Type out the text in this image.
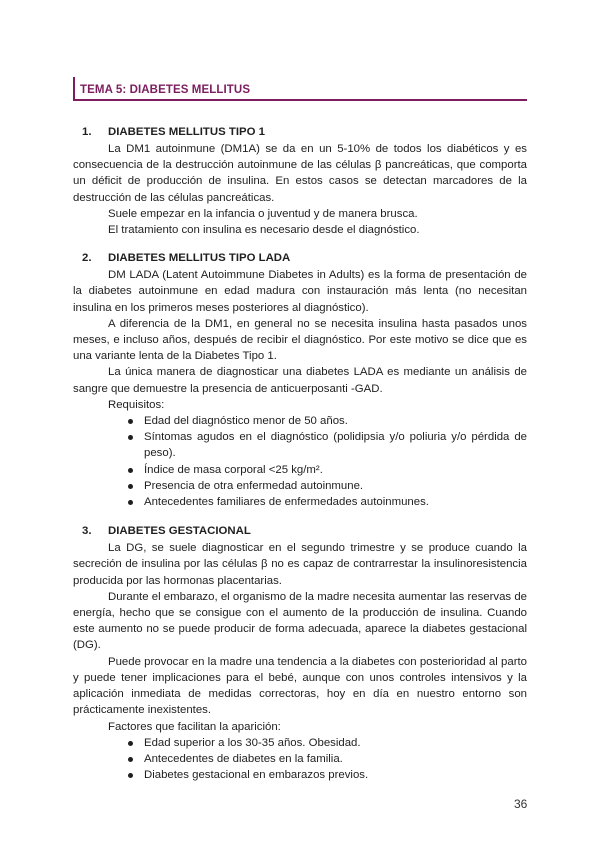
TEMA 5: DIABETES MELLITUS
1. DIABETES MELLITUS TIPO 1

La DM1 autoinmune (DM1A) se da en un 5-10% de todos los diabéticos y es consecuencia de la destrucción autoinmune de las células β pancreáticas, que comporta un déficit de producción de insulina. En estos casos se detectan marcadores de la destrucción de las células pancreáticas.

Suele empezar en la infancia o juventud y de manera brusca.

El tratamiento con insulina es necesario desde el diagnóstico.

2. DIABETES MELLITUS TIPO LADA

DM LADA (Latent Autoimmune Diabetes in Adults) es la forma de presentación de la diabetes autoinmune en edad madura con instauración más lenta (no necesitan insulina en los primeros meses posteriores al diagnóstico).

A diferencia de la DM1, en general no se necesita insulina hasta pasados unos meses, e incluso años, después de recibir el diagnóstico. Por este motivo se dice que es una variante lenta de la Diabetes Tipo 1.

La única manera de diagnosticar una diabetes LADA es mediante un análisis de sangre que demuestre la presencia de anticuerposanti -GAD.

Requisitos:

Edad del diagnóstico menor de 50 años.
Síntomas agudos en el diagnóstico (polidipsia y/o poliuria y/o pérdida de peso).
Índice de masa corporal <25 kg/m².
Presencia de otra enfermedad autoinmune.
Antecedentes familiares de enfermedades autoinmunes.
3. DIABETES GESTACIONAL

La DG, se suele diagnosticar en el segundo trimestre y se produce cuando la secreción de insulina por las células β no es capaz de contrarrestar la insulinoresistencia producida por las hormonas placentarias.

Durante el embarazo, el organismo de la madre necesita aumentar las reservas de energía, hecho que se consigue con el aumento de la producción de insulina. Cuando este aumento no se puede producir de forma adecuada, aparece la diabetes gestacional (DG).

Puede provocar en la madre una tendencia a la diabetes con posterioridad al parto y puede tener implicaciones para el bebé, aunque con unos controles intensivos y la aplicación inmediata de medidas correctoras, hoy en día en nuestro entorno son prácticamente inexistentes.

Factores que facilitan la aparición:

Edad superior a los 30-35 años. Obesidad.
Antecedentes de diabetes en la familia.
Diabetes gestacional en embarazos previos.
36
